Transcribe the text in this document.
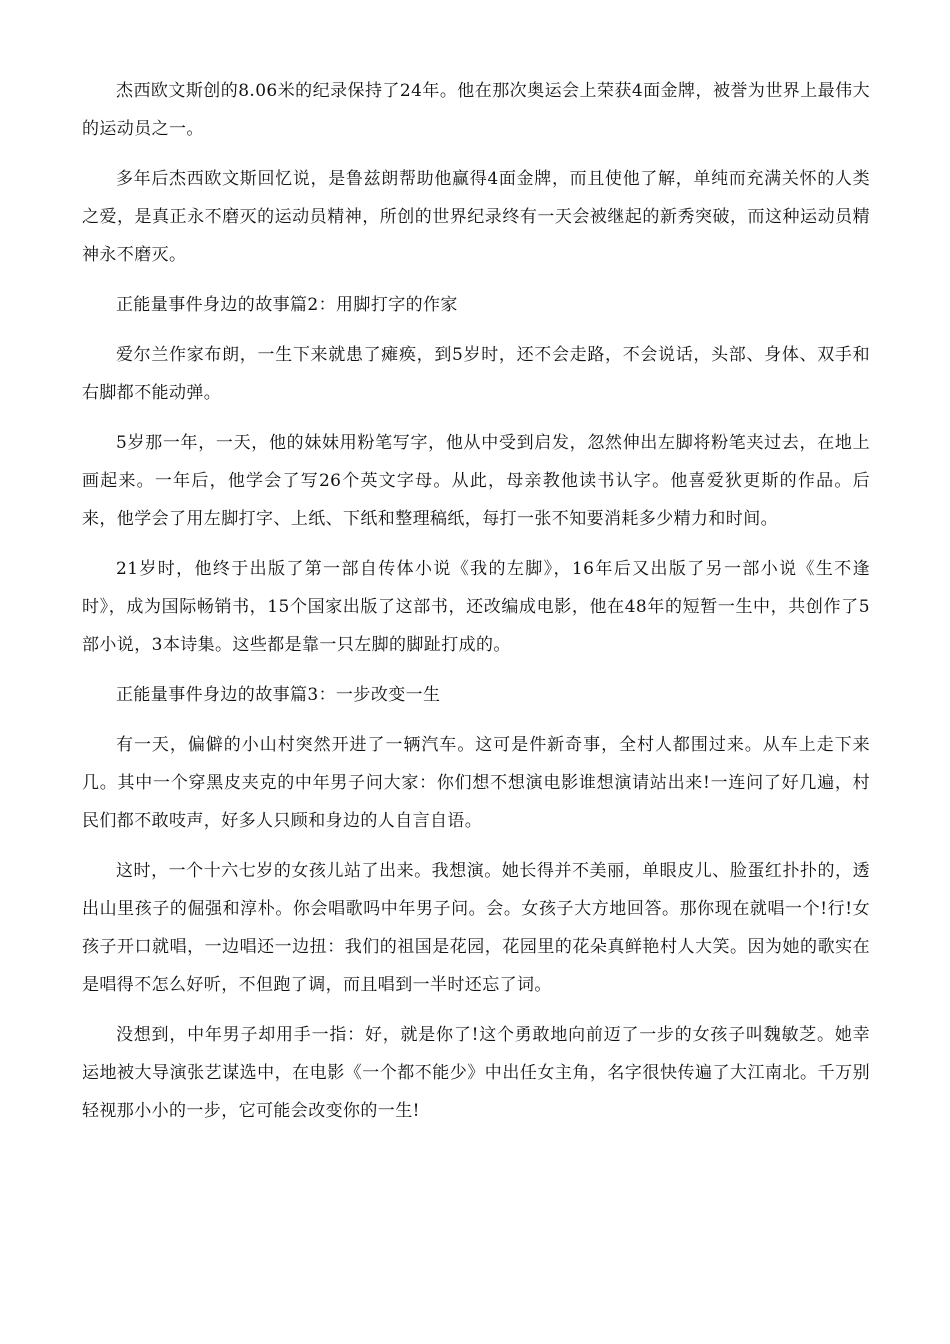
杰西欧文斯创的8.06米的纪录保持了24年。他在那次奥运会上荣获4面金牌，被誉为世界上最伟大的运动员之一。

多年后杰西欧文斯回忆说，是鲁兹朗帮助他赢得4面金牌，而且使他了解，单纯而充满关怀的人类之爱，是真正永不磨灭的运动员精神，所创的世界纪录终有一天会被继起的新秀突破，而这种运动员精神永不磨灭。

正能量事件身边的故事篇2：用脚打字的作家

爱尔兰作家布朗，一生下来就患了瘫痪，到5岁时，还不会走路，不会说话，头部、身体、双手和右脚都不能动弹。

5岁那一年，一天，他的妹妹用粉笔写字，他从中受到启发，忽然伸出左脚将粉笔夹过去，在地上画起来。一年后，他学会了写26个英文字母。从此，母亲教他读书认字。他喜爱狄更斯的作品。后来，他学会了用左脚打字、上纸、下纸和整理稿纸，每打一张不知要消耗多少精力和时间。

21岁时，他终于出版了第一部自传体小说《我的左脚》，16年后又出版了另一部小说《生不逢时》，成为国际畅销书，15个国家出版了这部书，还改编成电影，他在48年的短暂一生中，共创作了5部小说，3本诗集。这些都是靠一只左脚的脚趾打成的。

正能量事件身边的故事篇3：一步改变一生

有一天，偏僻的小山村突然开进了一辆汽车。这可是件新奇事，全村人都围过来。从车上走下来几。其中一个穿黑皮夹克的中年男子问大家：你们想不想演电影谁想演请站出来!一连问了好几遍，村民们都不敢吱声，好多人只顾和身边的人自言自语。

这时，一个十六七岁的女孩儿站了出来。我想演。她长得并不美丽，单眼皮儿、脸蛋红扑扑的，透出山里孩子的倔强和淳朴。你会唱歌吗中年男子问。会。女孩子大方地回答。那你现在就唱一个!行!女孩子开口就唱，一边唱还一边扭：我们的祖国是花园，花园里的花朵真鲜艳村人大笑。因为她的歌实在是唱得不怎么好听，不但跑了调，而且唱到一半时还忘了词。

没想到，中年男子却用手一指：好，就是你了!这个勇敢地向前迈了一步的女孩子叫魏敏芝。她幸运地被大导演张艺谋选中，在电影《一个都不能少》中出任女主角，名字很快传遍了大江南北。千万别轻视那小小的一步，它可能会改变你的一生!
